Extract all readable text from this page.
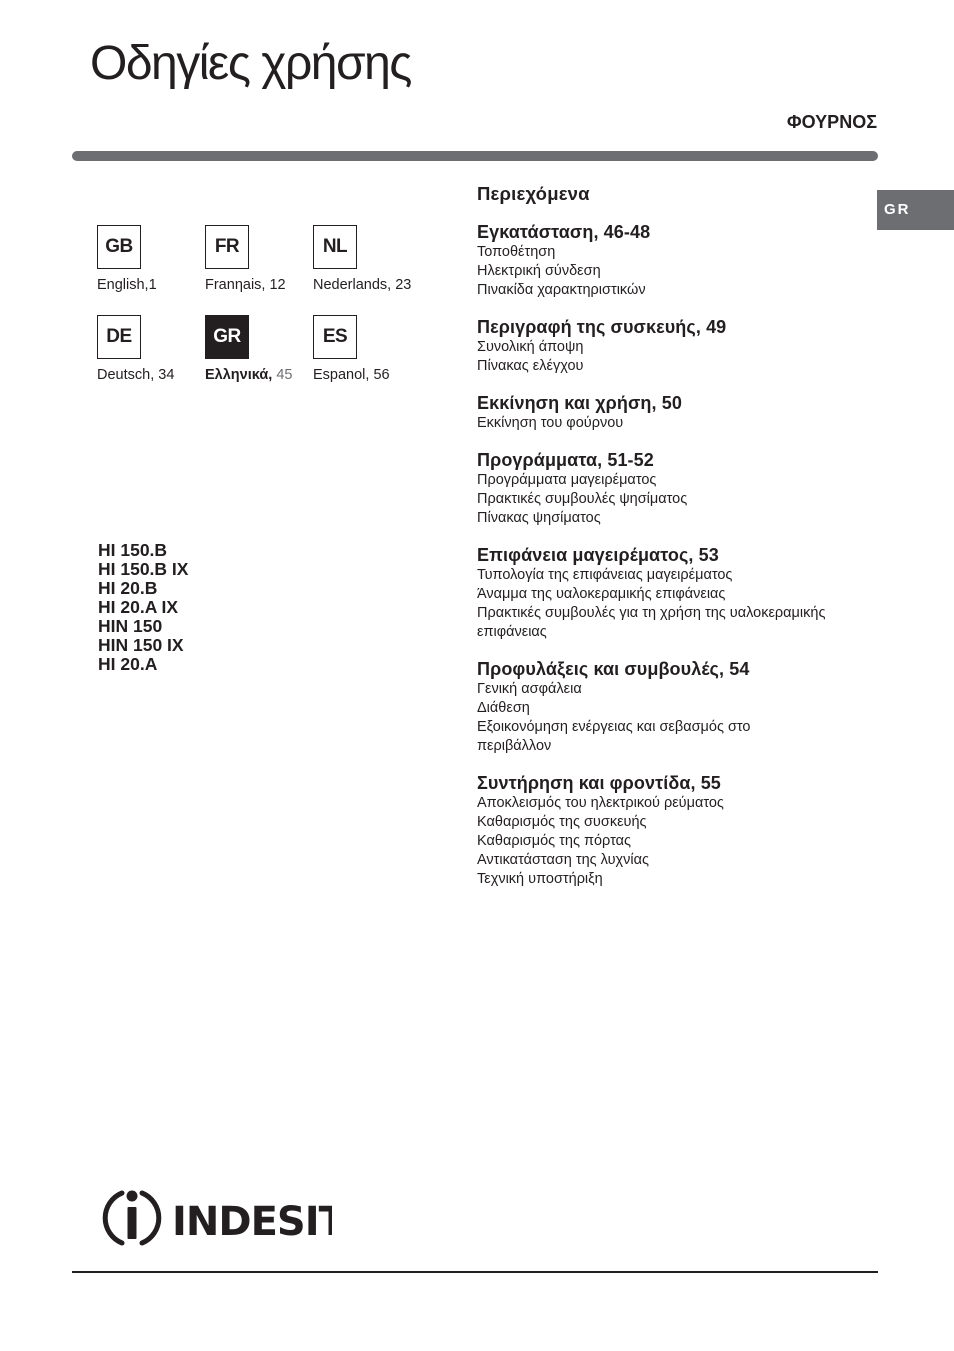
Οδηγίες χρήσης
ΦΟΥΡΝΟΣ
GR
GB
English,1
FR
Franηais, 12
NL
Nederlands, 23
DE
Deutsch, 34
GR
Ελληνικά, 45
ES
Espanol, 56
HI 150.B
HI 150.B IX
HI 20.B
HI 20.A IX
HIN 150
HIN 150 IX
HI 20.A
Περιεχόμενα
Εγκατάσταση, 46-48
Τοποθέτηση
Ηλεκτρική σύνδεση
Πινακίδα χαρακτηριστικών
Περιγραφή της συσκευής, 49
Συνολική άποψη
Πίνακας ελέγχου
Εκκίνηση και χρήση, 50
Εκκίνηση του φούρνου
Προγράμματα, 51-52
Προγράμματα μαγειρέματος
Πρακτικές συμβουλές ψησίματος
Πίνακας ψησίματος
Επιφάνεια μαγειρέματος, 53
Τυπολογία της επιφάνειας μαγειρέματος
Άναμμα της υαλοκεραμικής επιφάνειας
Πρακτικές συμβουλές για τη χρήση της υαλοκεραμικής
επιφάνειας
Προφυλάξεις και συμβουλές, 54
Γενική ασφάλεια
Διάθεση
Εξοικονόμηση ενέργειας και σεβασμός στο
περιβάλλον
Συντήρηση και φροντίδα, 55
Αποκλεισμός του ηλεκτρικού ρεύματος
Καθαρισμός της συσκευής
Καθαρισμός της πόρτας
Αντικατάσταση της λυχνίας
Τεχνική υποστήριξη
INDESIT
